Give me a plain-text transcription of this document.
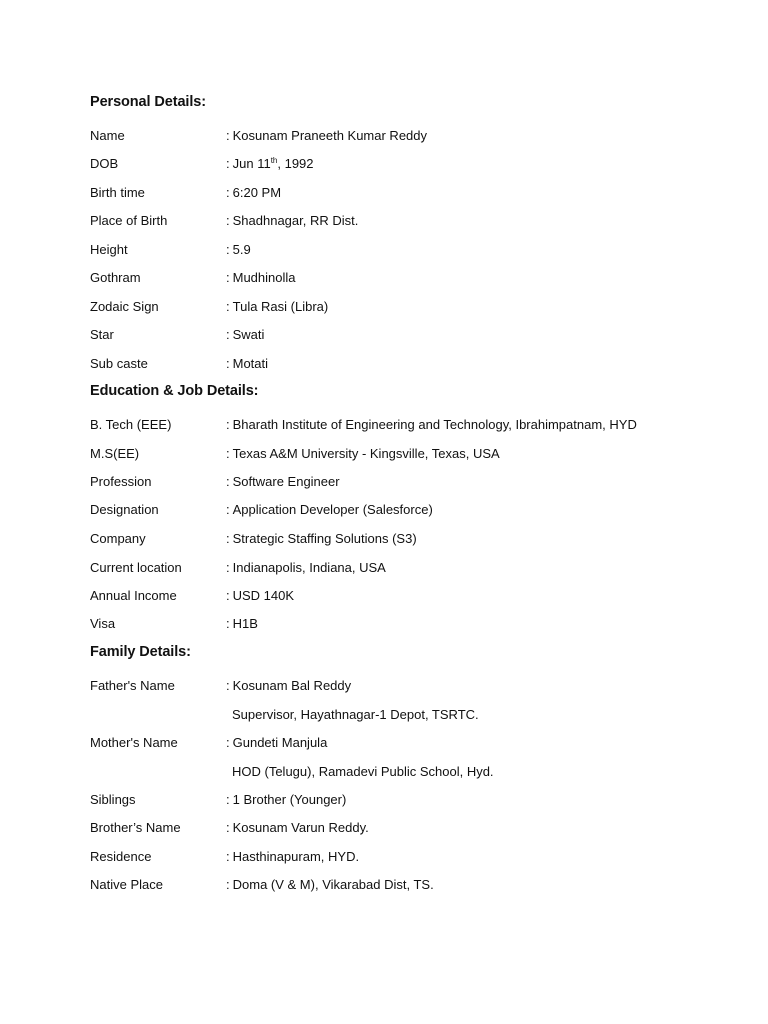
Personal Details:
Name	: Kosunam Praneeth Kumar Reddy
DOB	: Jun 11th, 1992
Birth time	: 6:20 PM
Place of Birth	: Shadhnagar, RR Dist.
Height	: 5.9
Gothram	: Mudhinolla
Zodaic Sign	: Tula Rasi (Libra)
Star	: Swati
Sub caste	: Motati
Education & Job Details:
B. Tech (EEE)	: Bharath Institute of Engineering and Technology, Ibrahimpatnam, HYD
M.S(EE)	: Texas A&M University - Kingsville, Texas, USA
Profession	: Software Engineer
Designation	: Application Developer (Salesforce)
Company	: Strategic Staffing Solutions (S3)
Current location	: Indianapolis, Indiana, USA
Annual Income	: USD 140K
Visa	: H1B
Family Details:
Father's Name	: Kosunam Bal Reddy
Supervisor, Hayathnagar-1 Depot, TSRTC.
Mother's Name	: Gundeti Manjula
HOD (Telugu), Ramadevi Public School, Hyd.
Siblings	: 1 Brother (Younger)
Brother’s Name	: Kosunam Varun Reddy.
Residence	: Hasthinapuram, HYD.
Native Place	: Doma (V & M), Vikarabad Dist, TS.
